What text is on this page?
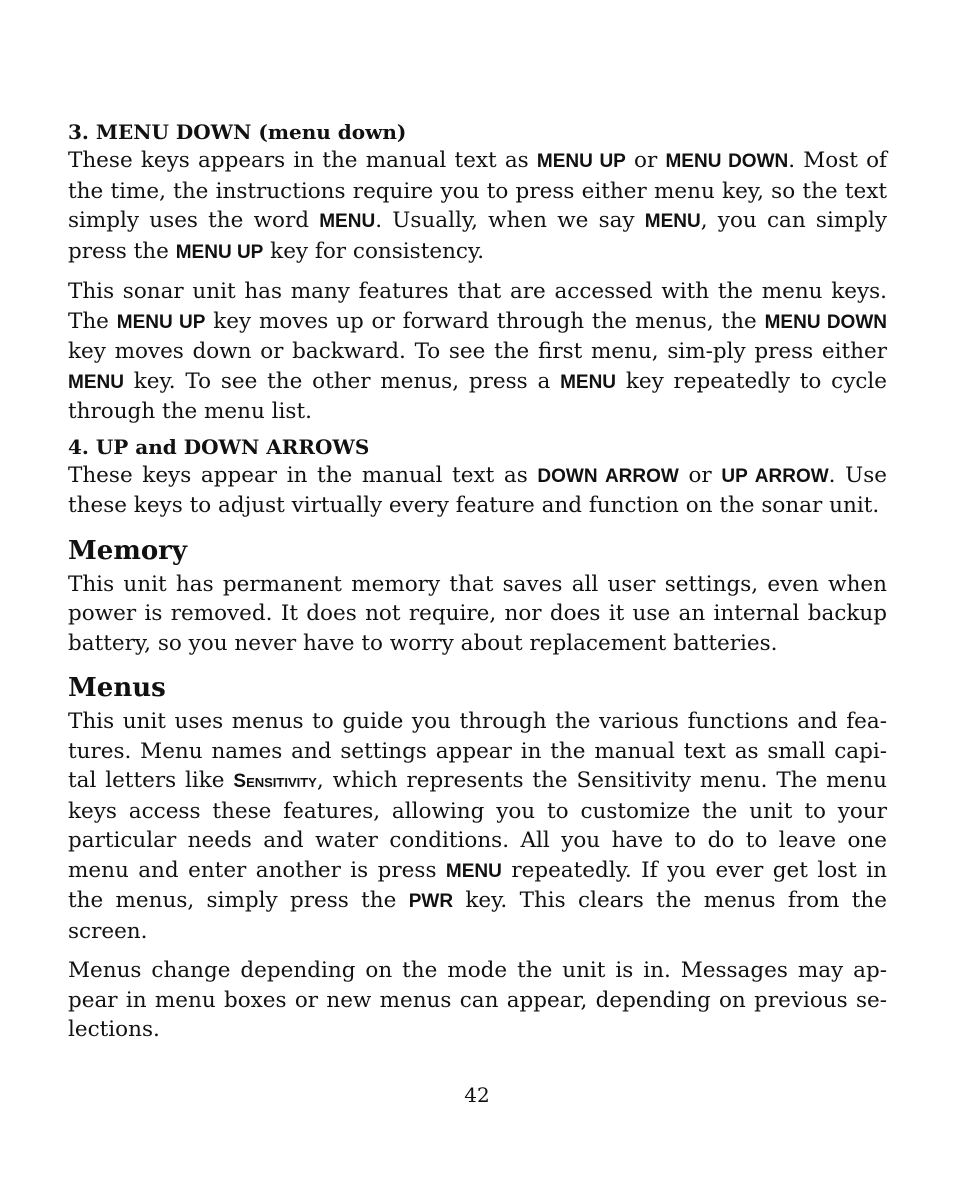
3. MENU DOWN (menu down)

These keys appears in the manual text as MENU UP or MENU DOWN. Most of the time, the instructions require you to press either menu key, so the text simply uses the word MENU. Usually, when we say MENU, you can simply press the MENU UP key for consistency.

This sonar unit has many features that are accessed with the menu keys. The MENU UP key moves up or forward through the menus, the MENU DOWN key moves down or backward. To see the first menu, sim-ply press either MENU key. To see the other menus, press a MENU key repeatedly to cycle through the menu list.

4. UP and DOWN ARROWS

These keys appear in the manual text as DOWN ARROW or UP ARROW. Use these keys to adjust virtually every feature and function on the sonar unit.

Memory

This unit has permanent memory that saves all user settings, even when power is removed. It does not require, nor does it use an internal backup battery, so you never have to worry about replacement batteries.

Menus

This unit uses menus to guide you through the various functions and fea-tures. Menu names and settings appear in the manual text as small capi-tal letters like Sensitivity, which represents the Sensitivity menu. The menu keys access these features, allowing you to customize the unit to your particular needs and water conditions. All you have to do to leave one menu and enter another is press MENU repeatedly. If you ever get lost in the menus, simply press the PWR key. This clears the menus from the screen.

Menus change depending on the mode the unit is in. Messages may ap-pear in menu boxes or new menus can appear, depending on previous se-lections.

42
